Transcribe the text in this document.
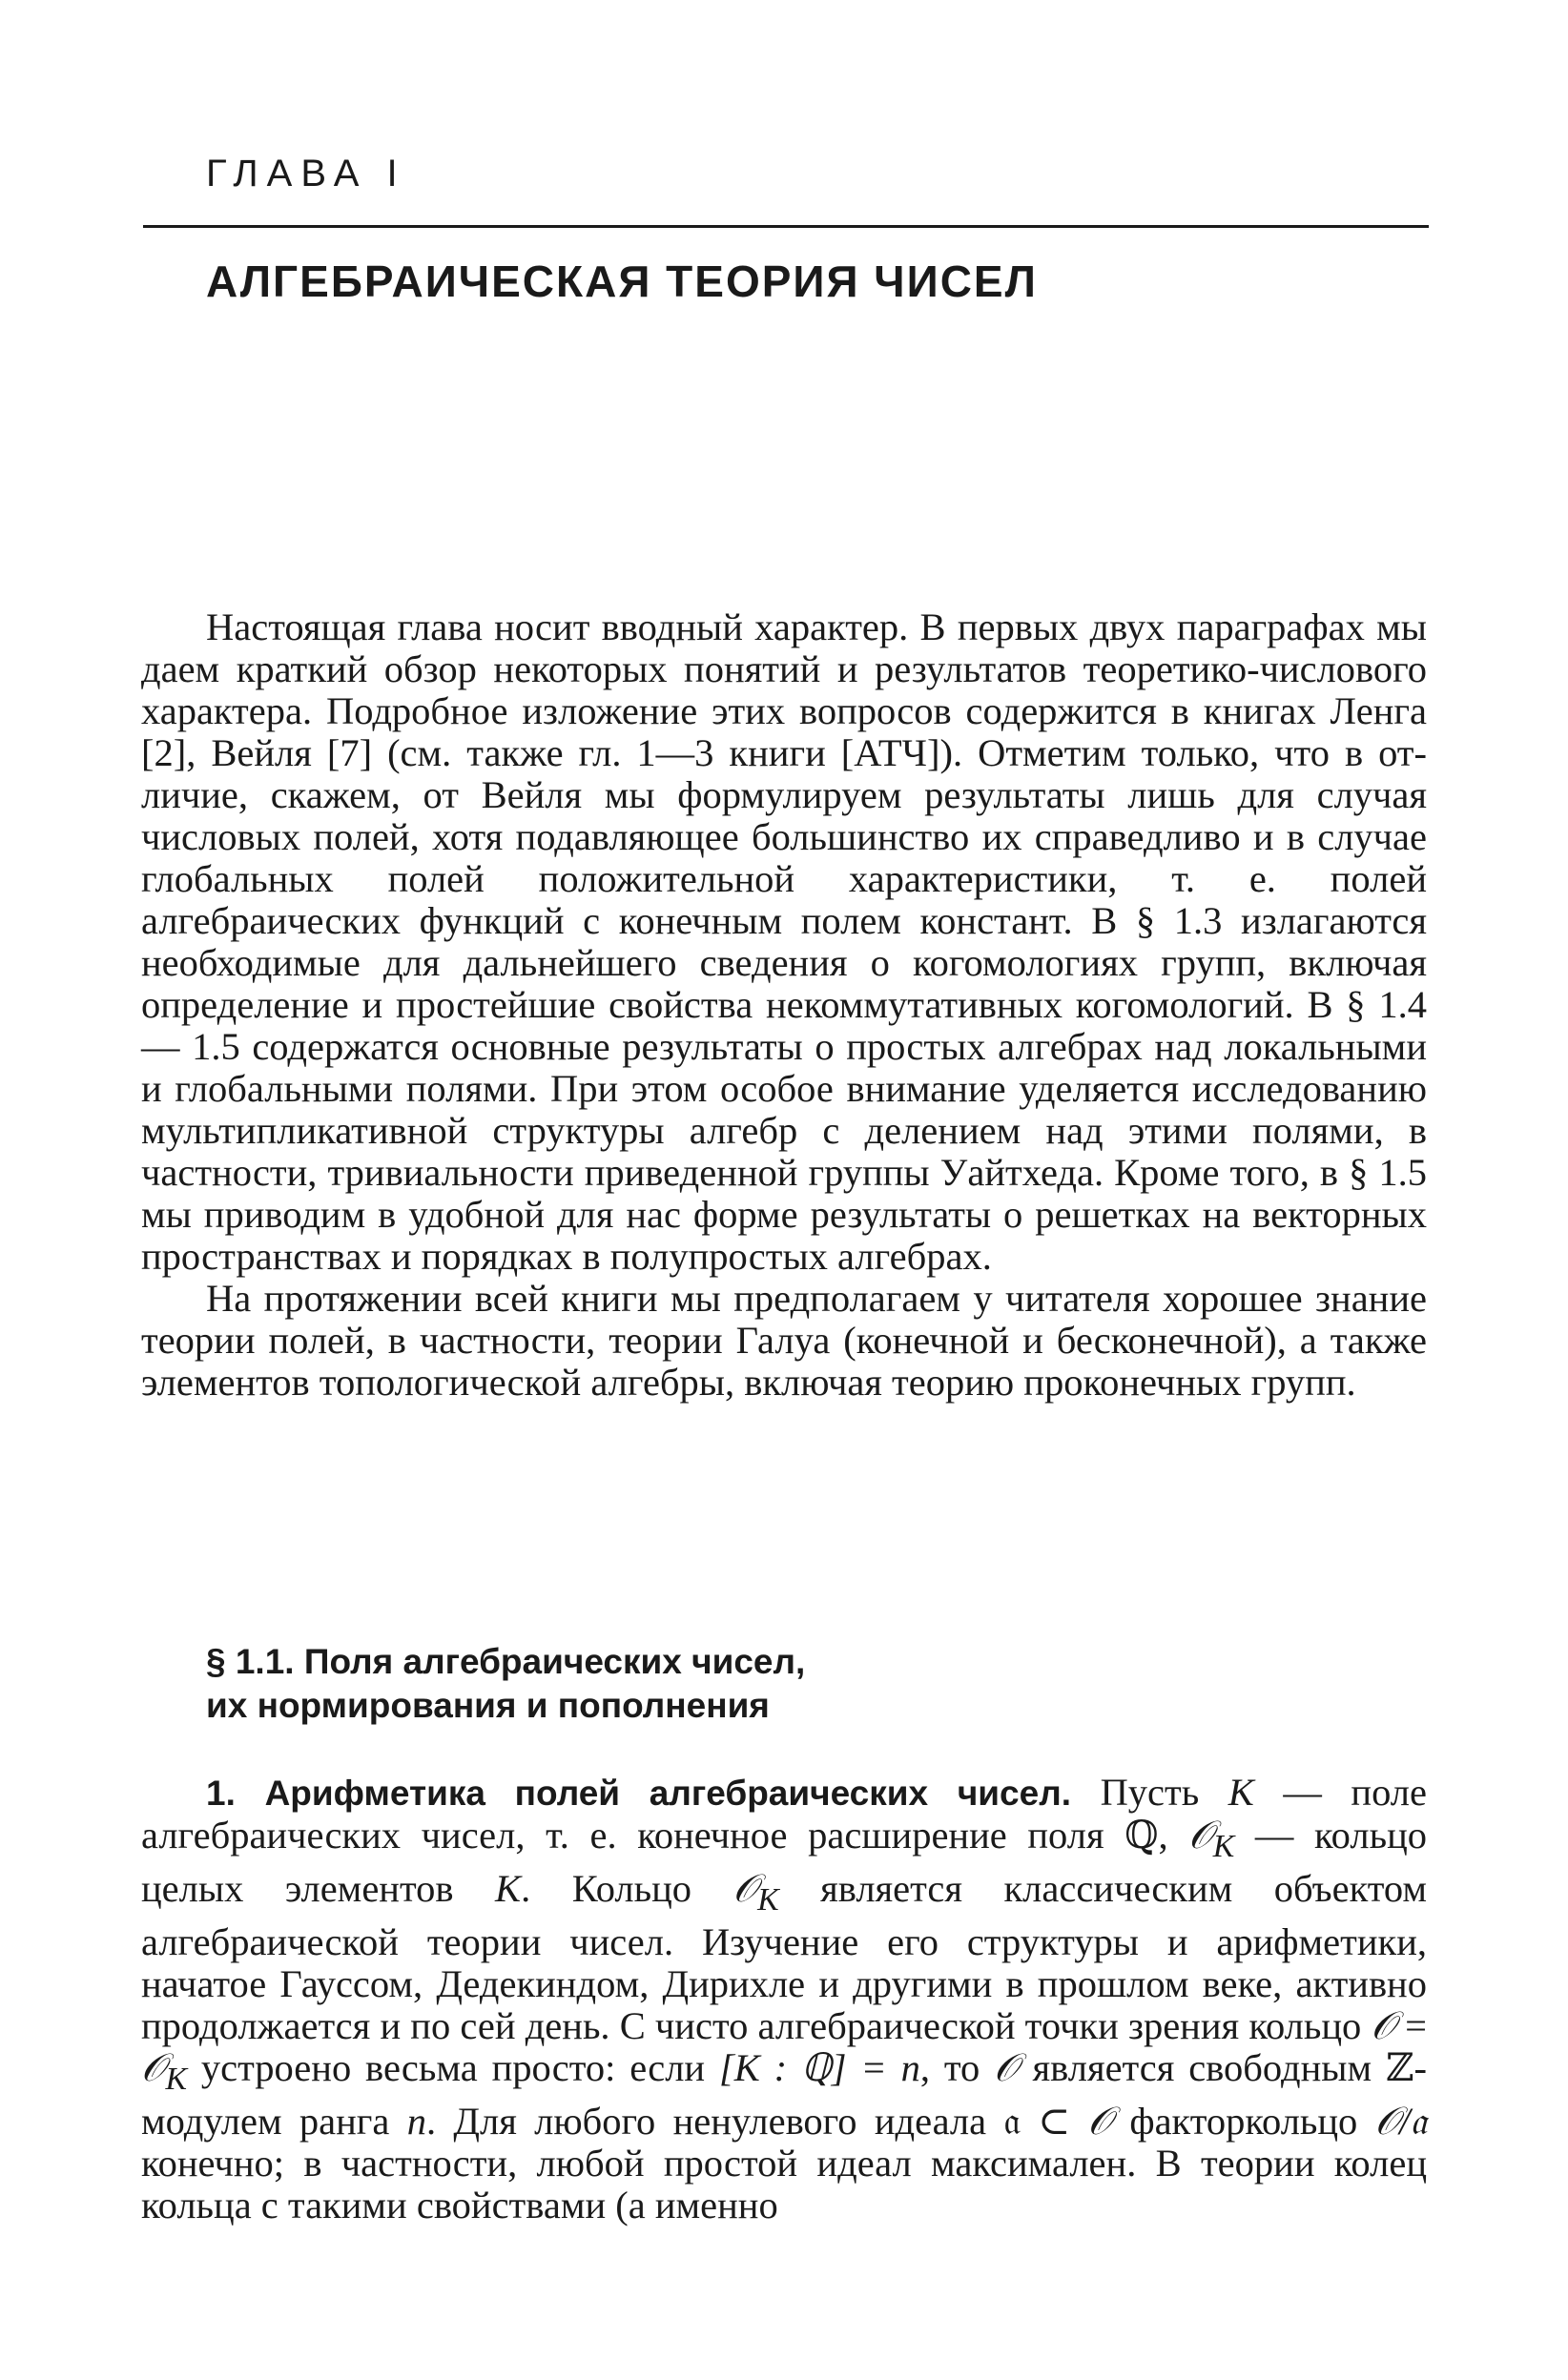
ГЛАВА I
АЛГЕБРАИЧЕСКАЯ ТЕОРИЯ ЧИСЕЛ

Настоящая глава носит вводный характер. В первых двух параграфах мы даем краткий обзор некоторых понятий и результатов теоретико-числового характера. Подробное изложение этих вопросов содержится в книгах Ленга [2], Вейля [7] (см. также гл. 1—3 книги [АТЧ]). Отметим только, что в отличие, скажем, от Вейля мы формулируем результаты лишь для случая числовых полей, хотя подавляющее большинство их справедливо и в случае глобальных полей положительной характеристики, т. е. полей алгебраических функций с конечным полем констант. В § 1.3 излагаются необходимые для дальнейшего сведения о когомологиях групп, включая определение и простейшие свойства некоммутативных когомологий. В § 1.4— 1.5 содержатся основные результаты о простых алгебрах над локальными и глобальными полями. При этом особое внимание уделяется исследованию мультипликативной структуры алгебр с делением над этими полями, в частности, тривиальности приведенной группы Уайтхеда. Кроме того, в § 1.5 мы приводим в удобной для нас форме результаты о решетках на векторных пространствах и порядках в полупростых алгебрах.

На протяжении всей книги мы предполагаем у читателя хорошее знание теории полей, в частности, теории Галуа (конечной и бесконечной), а также элементов топологической алгебры, включая теорию проконечных групп.

§ 1.1. Поля алгебраических чисел,
их нормирования и пополнения

1. Арифметика полей алгебраических чисел. Пусть K — поле алгебраических чисел, т. е. конечное расширение поля ℚ, 𝒪$_K$ — кольцо целых элементов K. Кольцо 𝒪$_K$ является классическим объектом алгебраической теории чисел. Изучение его структуры и арифметики, начатое Гауссом, Дедекиндом, Дирихле и другими в прошлом веке, активно продолжается и по сей день. С чисто алгебраической точки зрения кольцо 𝒪 = 𝒪$_K$ устроено весьма просто: если [K : ℚ] = n, то 𝒪 является свободным ℤ-модулем ранга n. Для любого ненулевого идеала 𝔞 ⊂ 𝒪 факторкольцо 𝒪/𝔞 конечно; в частности, любой простой идеал максимален. В теории колец кольца с такими свойствами (а именно
